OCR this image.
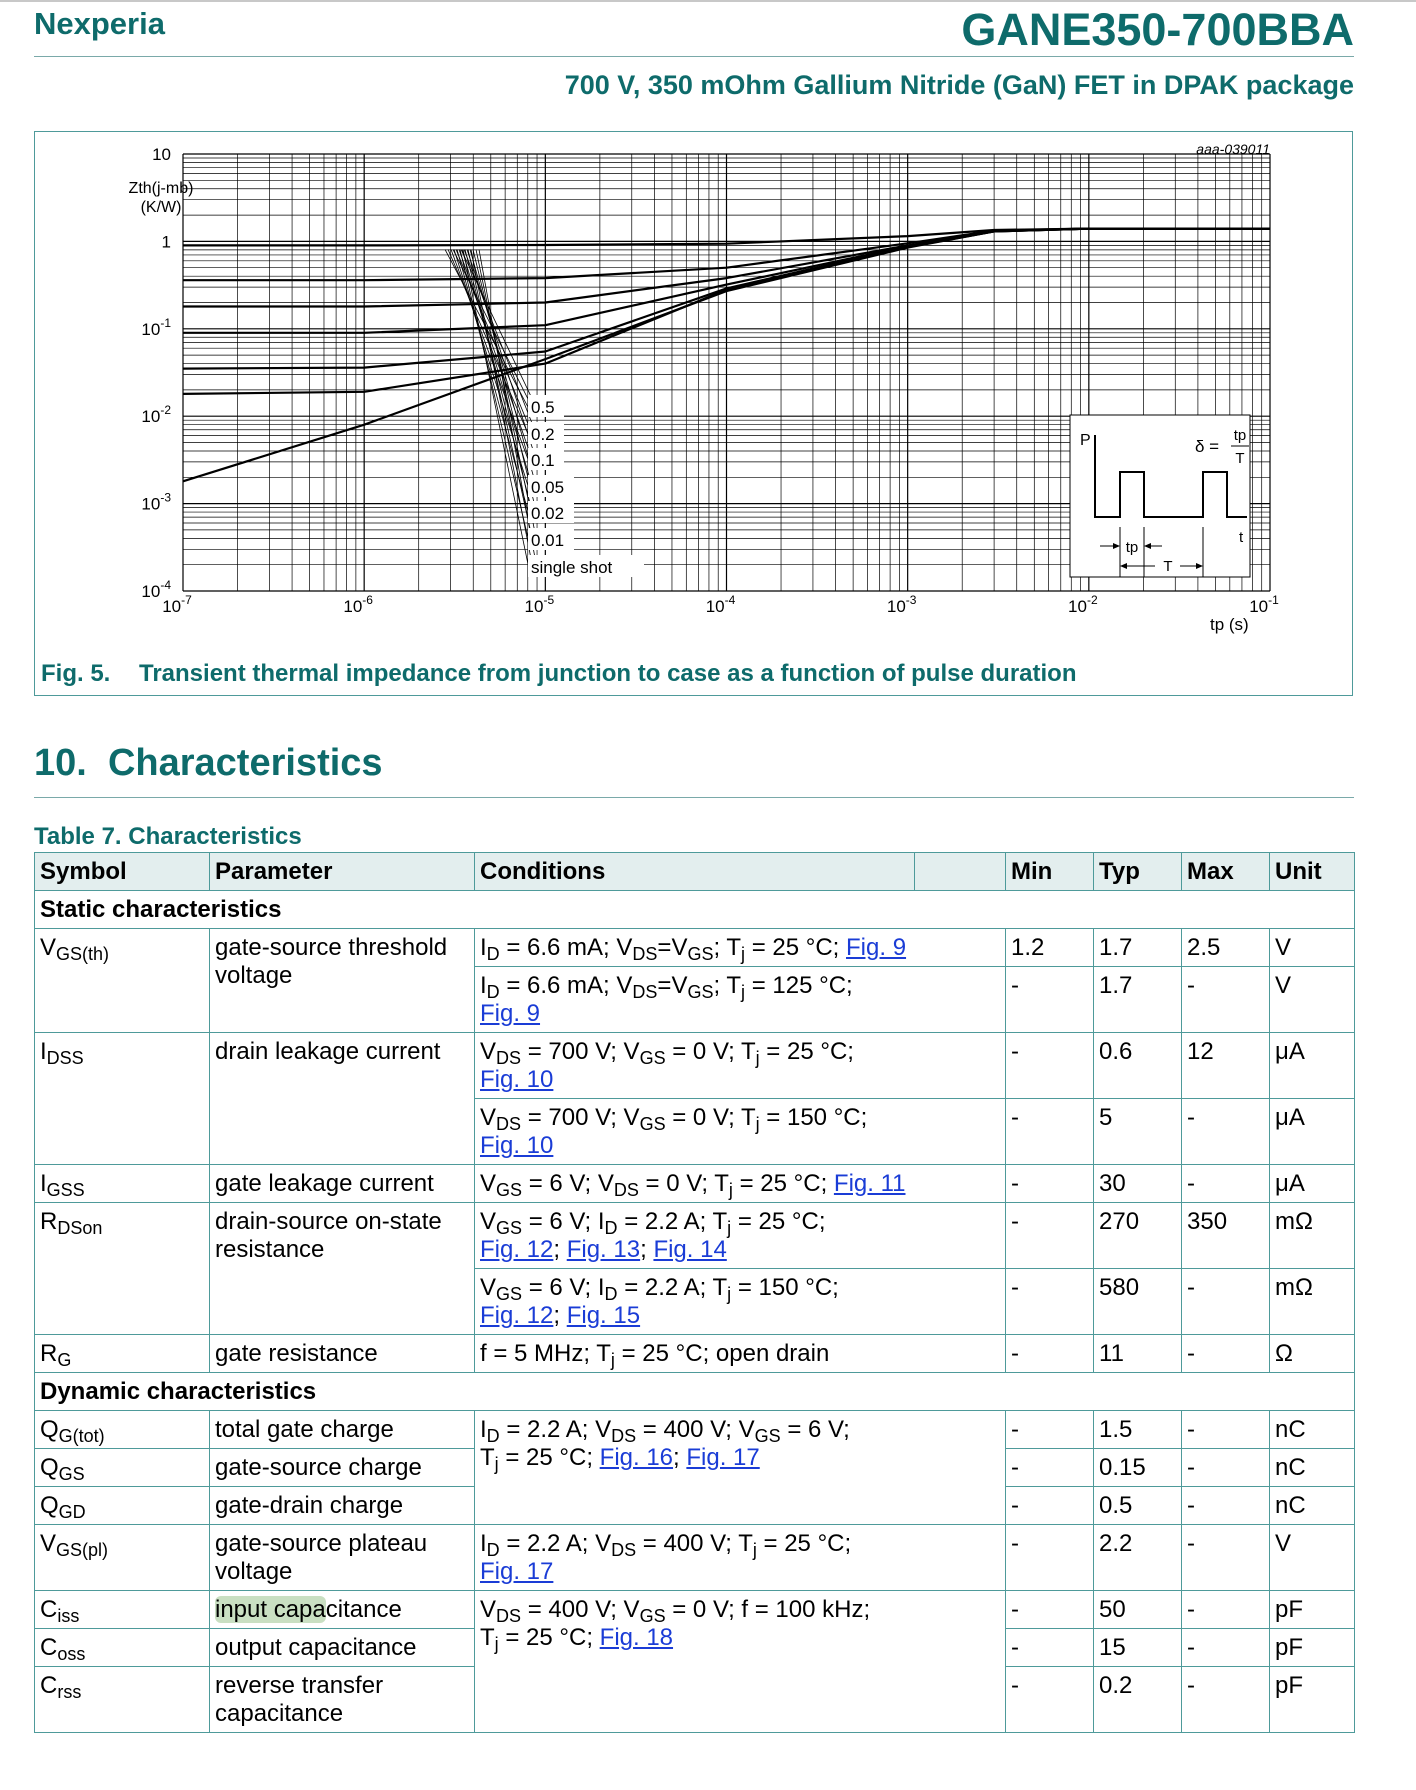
Nexperia	GANE350-700BBA
700 V, 350 mOhm Gallium Nitride (GaN) FET in DPAK package
10
1
$10^{-1}$
$10^{-2}$
$10^{-3}$
$10^{-4}$
$10^{-7}$	$10^{-6}$	$10^{-5}$	$10^{-4}$	$10^{-3}$	$10^{-2}$	$10^{-1}$
0.5
0.2
0.1
0.05
0.02
0.01
single shot
Zth(j-mb)
(K/W)
aaa-039011
tp (s)
P	δ =
tp
T
t
tp
T
Fig. 5. Transient thermal impedance from junction to case as a function of pulse duration
10. Characteristics
Table 7. Characteristics
Symbol	Parameter	Conditions		Min	Typ	Max	Unit
Static characteristics							
$V_{GS(th)}$	gate-source threshold voltage	$I_D = 6.6$ mA; $V_{DS}=V_{GS}$; $T_j = 25$ °C; Fig. 9		1.2	1.7	2.5	V
		$I_D = 6.6$ mA; $V_{DS}=V_{GS}$; $T_j = 125$ °C;
Fig. 9		-	1.7	-	V
$I_{DSS}$	drain leakage current	$V_{DS} = 700$ V; $V_{GS} = 0$ V; $T_j = 25$ °C;
Fig. 10		-	0.6	12	μA
		$V_{DS} = 700$ V; $V_{GS} = 0$ V; $T_j = 150$ °C;
Fig. 10		-	5	-	μA
$I_{GSS}$	gate leakage current	$V_{GS} = 6$ V; $V_{DS} = 0$ V; $T_j = 25$ °C; Fig. 11		-	30	-	μA
$R_{DSon}$	drain-source on-state resistance	$V_{GS} = 6$ V; $I_D = 2.2$ A; $T_j = 25$ °C;
Fig. 12; Fig. 13; Fig. 14		-	270	350	mΩ
		$V_{GS} = 6$ V; $I_D = 2.2$ A; $T_j = 150$ °C;
Fig. 12; Fig. 15		-	580	-	mΩ
$R_G$	gate resistance	f = 5 MHz; $T_j = 25$ °C; open drain		-	11	-	Ω
Dynamic characteristics							
$Q_{G(tot)}$	total gate charge	$I_D = 2.2$ A; $V_{DS} = 400$ V; $V_{GS} = 6$ V;
$T_j = 25$ °C; Fig. 16; Fig. 17		-	1.5	-	nC
$Q_{GS}$	gate-source charge			-	0.15	-	nC
$Q_{GD}$	gate-drain charge			-	0.5	-	nC
$V_{GS(pl)}$	gate-source plateau voltage	$I_D = 2.2$ A; $V_{DS} = 400$ V; $T_j = 25$ °C;
Fig. 17		-	2.2	-	V
$C_{iss}$	input capacitance	$V_{DS} = 400$ V; $V_{GS} = 0$ V; f = 100 kHz;
$T_j = 25$ °C; Fig. 18		-	50	-	pF
$C_{oss}$	output capacitance			-	15	-	pF
$C_{rss}$	reverse transfer capacitance			-	0.2	-	pF
